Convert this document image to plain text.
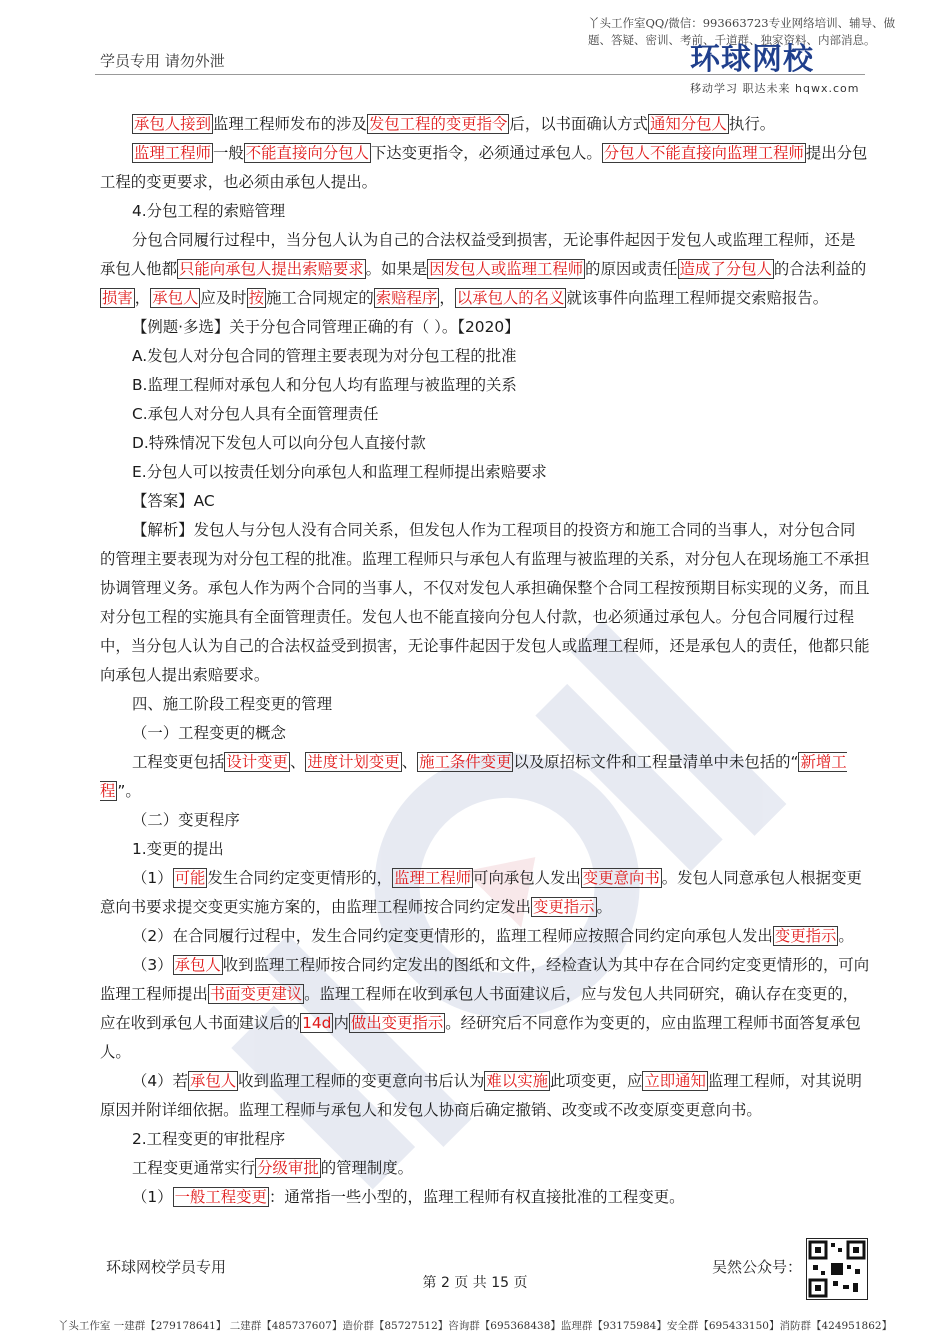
学员专用 请勿外泄
丫头工作室QQ/微信：993663723专业网络培训、辅导、做题、答疑、密训、考前、千道群、独家资料、内部消息。
环球网校
移动学习 职达未来 hqwx.com

承包人接到 监理工程师发布的涉及 发包工程的变更指令 后，以书面确认方式 通知分包人 执行。

监理工程师 一般 不能直接向分包人 下达变更指令，必须通过承包人。 分包人不能直接向监理工程师 提出分包工程的变更要求，也必须由承包人提出。

4.分包工程的索赔管理

分包合同履行过程中，当分包人认为自己的合法权益受到损害，无论事件起因于发包人或监理工程师，还是承包人他都 只能向承包人提出索赔要求 。如果是 因发包人或监理工程师 的原因或责任 造成了分包人 的合法利益的损害 ， 承包人 应及时 按 施工合同规定的 索赔程序 ， 以承包人的名义 就该事件向监理工程师提交索赔报告。

【例题·多选】关于分包合同管理正确的有（ ）。【2020】

A.发包人对分包合同的管理主要表现为对分包工程的批准

B.监理工程师对承包人和分包人均有监理与被监理的关系

C.承包人对分包人具有全面管理责任

D.特殊情况下发包人可以向分包人直接付款

E.分包人可以按责任划分向承包人和监理工程师提出索赔要求

【答案】AC

【解析】发包人与分包人没有合同关系，但发包人作为工程项目的投资方和施工合同的当事人，对分包合同的管理主要表现为对分包工程的批准。监理工程师只与承包人有监理与被监理的关系，对分包人在现场施工不承担协调管理义务。承包人作为两个合同的当事人，不仅对发包人承担确保整个合同工程按预期目标实现的义务，而且对分包工程的实施具有全面管理责任。发包人也不能直接向分包人付款，也必须通过承包人。分包合同履行过程中，当分包人认为自己的合法权益受到损害，无论事件起因于发包人或监理工程师，还是承包人的责任，他都只能向承包人提出索赔要求。

四、施工阶段工程变更的管理

（一）工程变更的概念

工程变更包括 设计变更 、 进度计划变更 、 施工条件变更 以及原招标文件和工程量清单中未包括的“ 新增工程 ”。

（二）变更程序

1.变更的提出

（1） 可能 发生合同约定变更情形的， 监理工程师 可向承包人发出 变更意向书 。发包人同意承包人根据变更意向书要求提交变更实施方案的，由监理工程师按合同约定发出 变更指示 。

（2）在合同履行过程中，发生合同约定变更情形的，监理工程师应按照合同约定向承包人发出 变更指示 。

（3） 承包人 收到监理工程师按合同约定发出的图纸和文件，经检查认为其中存在合同约定变更情形的，可向监理工程师提出 书面变更建议 。监理工程师在收到承包人书面建议后，应与发包人共同研究，确认存在变更的，应在收到承包人书面建议后的 14d 内 做出变更指示 。经研究后不同意作为变更的，应由监理工程师书面答复承包人。

（4）若 承包人 收到监理工程师的变更意向书后认为 难以实施 此项变更，应 立即通知 监理工程师，对其说明原因并附详细依据。监理工程师与承包人和发包人协商后确定撤销、改变或不改变原变更意向书。

2.工程变更的审批程序

工程变更通常实行 分级审批 的管理制度。

（1） 一般工程变更 ：通常指一些小型的，监理工程师有权直接批准的工程变更。

环球网校学员专用	吴然公众号：
第 2 页 共 15 页
丫头工作室 一建群【279178641】 二建群【485737607】造价群【85727512】咨询群【695368438】监理群【93175984】安全群【695433150】消防群【424951862】
